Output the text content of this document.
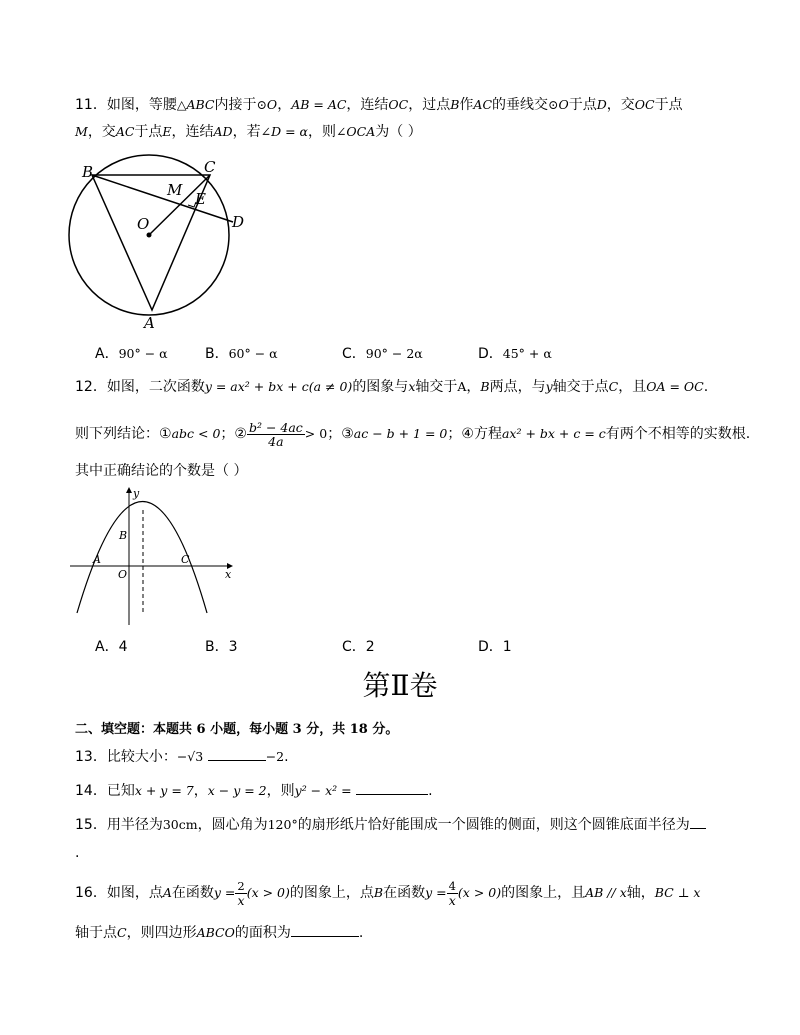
11．如图，等腰△ABC内接于⊙O，AB = AC，连结OC，过点B作AC的垂线交⊙O于点D，交OC于点
M，交AC于点E，连结AD，若∠D = α，则∠OCA为（ ）
B	C
M E
O	D
A
A．90° − α	B．60° − α	C．90° − 2α	D．45° + α
12．如图，二次函数y = ax² + bx + c(a ≠ 0)的图象与x轴交于A，B两点，与y轴交于点C，且OA = OC.
则下列结论：①abc < 0；② $\frac{\text{b² − 4ac}}{4a} > 0$；③ac − b + 1 = 0；④方程ax² + bx + c = c有两个不相等的实数根.
其中正确结论的个数是（ ）
y
B
A
O
C
x
A．4	B．3	C．2	D．1
第Ⅱ卷
二、填空题：本题共 6 小题，每小题 3 分，共 18 分。
13．比较大小：−√3	−2.
14．已知x + y = 7，x − y = 2，则y² − x² =	.
15．用半径为30cm，圆心角为120°的扇形纸片恰好能围成一个圆锥的侧面，则这个圆锥底面半径为
.
16．如图，点A在函数$y = \frac{2}{x} (x > 0)$的图象上，点B在函数$y = \frac{4}{x} (x > 0)$的图象上，且AB // x轴，BC ⊥ x
轴于点C，则四边形ABCO的面积为	.
